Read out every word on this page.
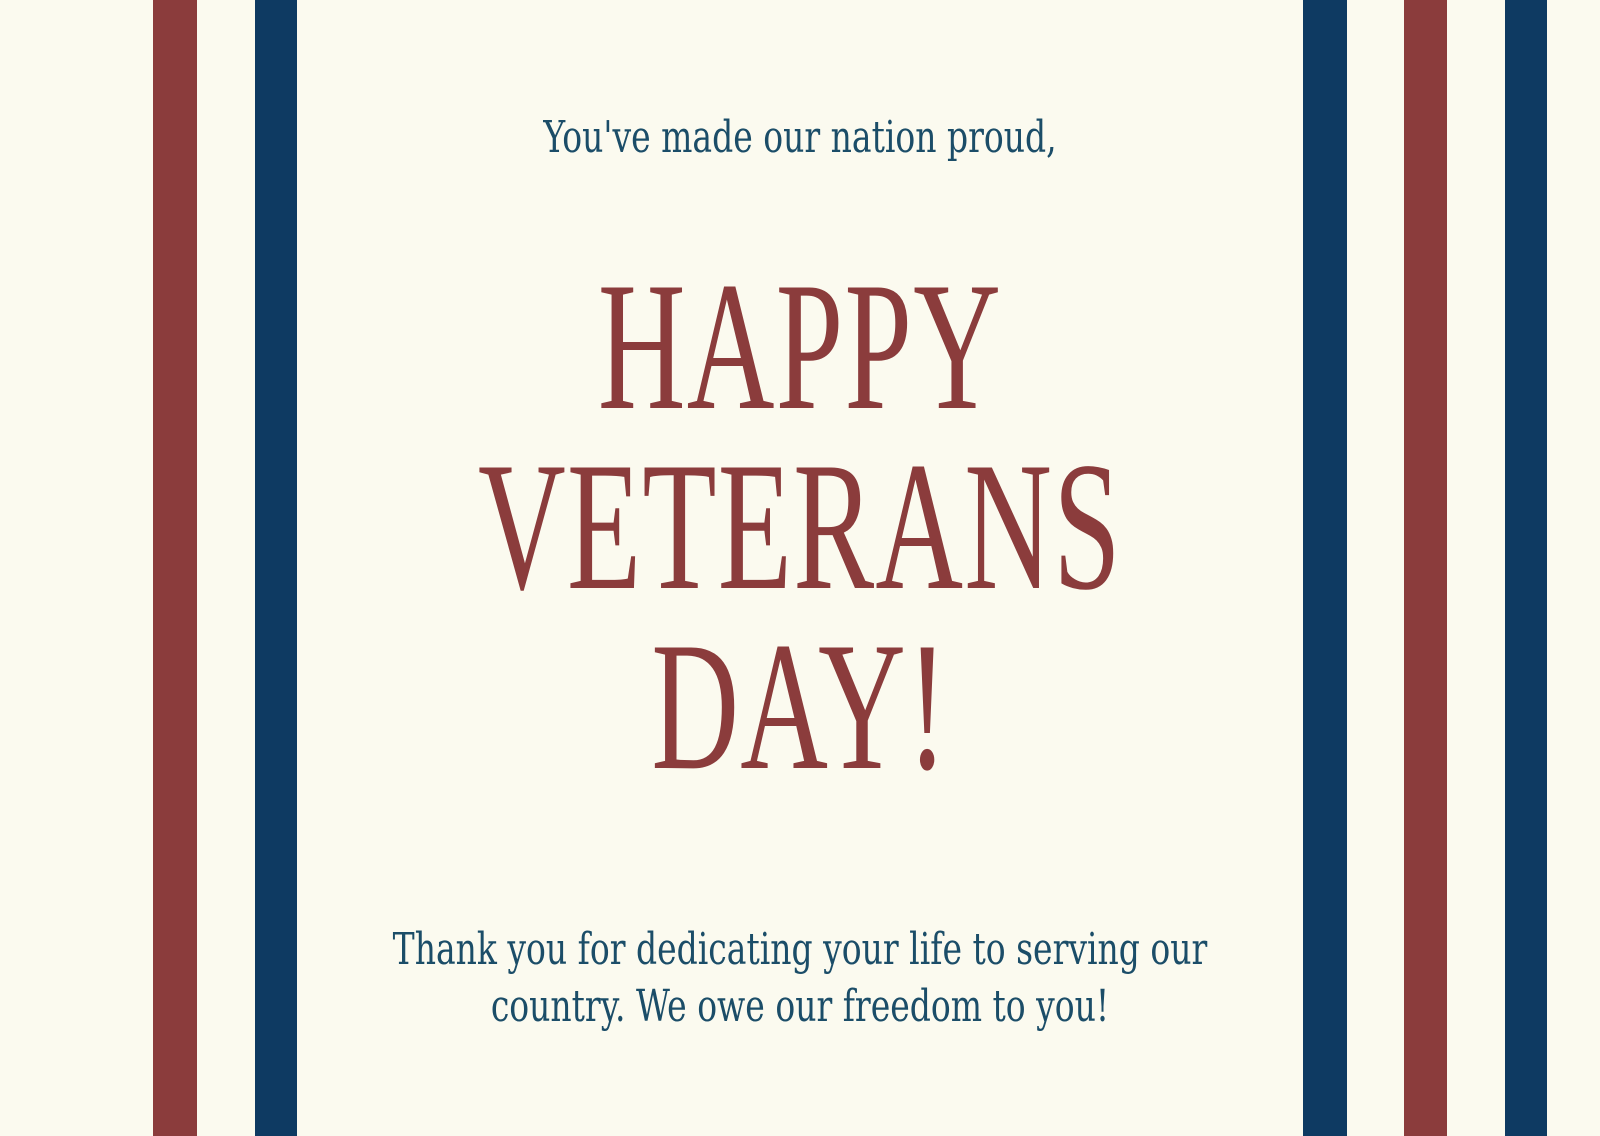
You've made our nation proud,
HAPPY
VETERANS
DAY!
Thank you for dedicating your life to serving our
country. We owe our freedom to you!
